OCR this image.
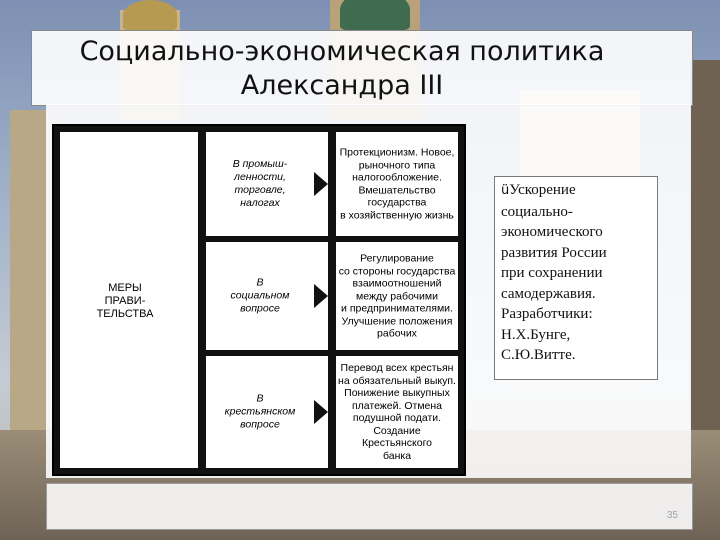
Социально-экономическая политика
Александра III
МЕРЫ
ПРАВИ-
ТЕЛЬСТВА
В промыш-
ленности,
торговле,
налогах
Протекционизм. Новое,
рыночного типа
налогообложение.
Вмешательство
государства
в хозяйственную жизнь
В
социальном
вопросе
Регулирование
со стороны государства
взаимоотношений
между рабочими
и предпринимателями.
Улучшение положения
рабочих
В
крестьянском
вопросе
Перевод всех крестьян
на обязательный выкуп.
Понижение выкупных
платежей. Отмена
подушной подати.
Создание Крестьянского
банка
üУскорение
социально-
экономического
развития России
при сохранении
самодержавия.
Разработчики:
Н.Х.Бунге,
С.Ю.Витте.
35
